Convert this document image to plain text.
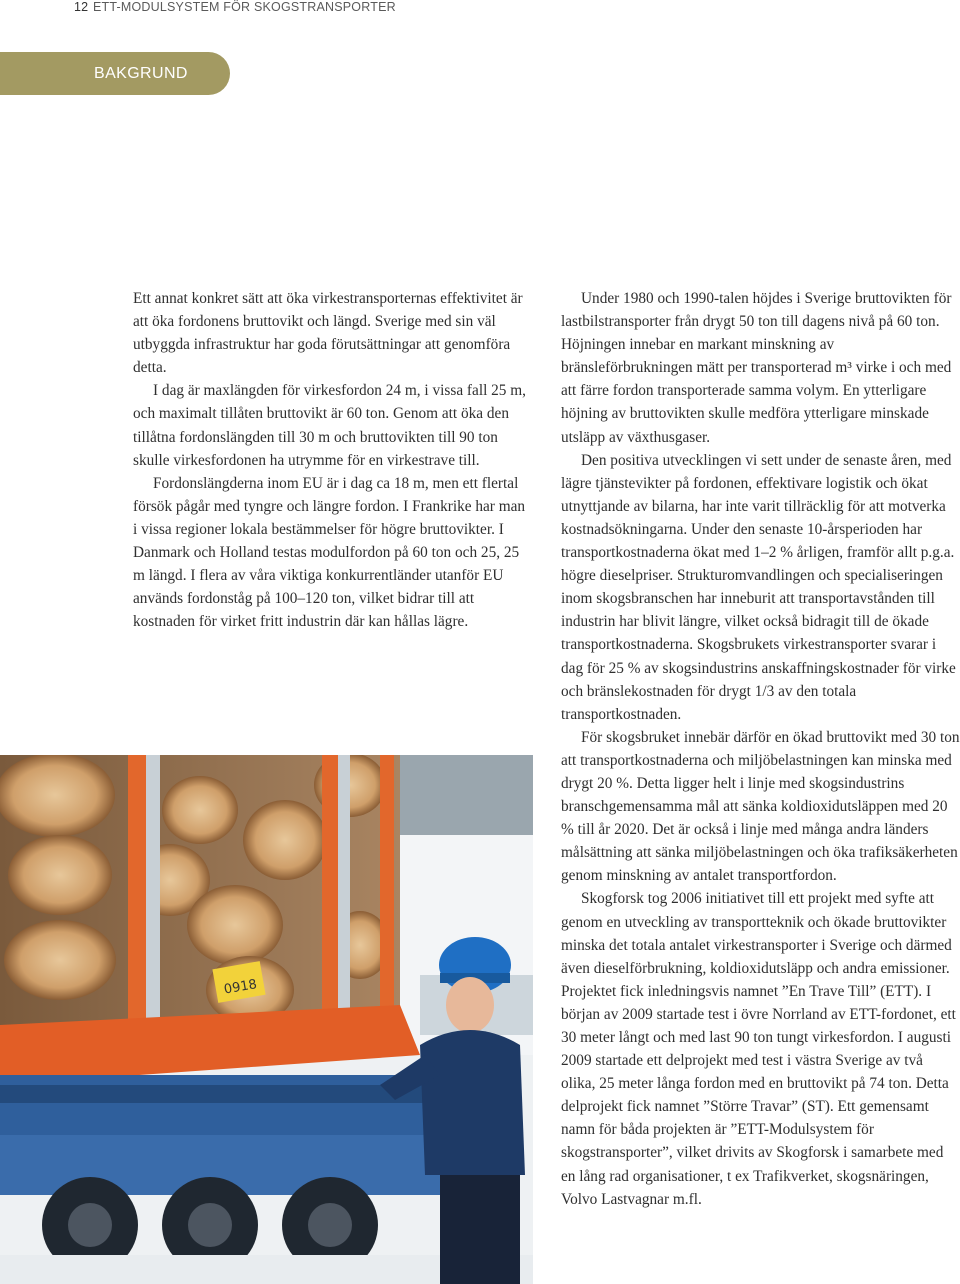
12 ETT-MODULSYSTEM FÖR SKOGSTRANSPORTER
BAKGRUND

Ett annat konkret sätt att öka virkestransporternas effektivitet är att öka fordonens bruttovikt och längd. Sverige med sin väl utbyggda infrastruktur har goda förutsättningar att genomföra detta.

I dag är maxlängden för virkesfordon 24 m, i vissa fall 25 m, och maximalt tillåten bruttovikt är 60 ton. Genom att öka den tillåtna fordonslängden till 30 m och bruttovikten till 90 ton skulle virkesfordonen ha utrymme för en virkestrave till.

Fordonslängderna inom EU är i dag ca 18 m, men ett flertal försök pågår med tyngre och längre fordon. I Frankrike har man i vissa regioner lokala bestämmelser för högre bruttovikter. I Danmark och Holland testas modulfordon på 60 ton och 25, 25 m längd. I flera av våra viktiga konkurrentländer utanför EU används fordonståg på 100–120 ton, vilket bidrar till att kostnaden för virket fritt industrin där kan hållas lägre.

Under 1980 och 1990-talen höjdes i Sverige bruttovikten för lastbilstransporter från drygt 50 ton till dagens nivå på 60 ton. Höjningen innebar en markant minskning av bränsleförbrukningen mätt per transporterad m³ virke i och med att färre fordon transporterade samma volym. En ytterligare höjning av bruttovikten skulle medföra ytterligare minskade utsläpp av växthusgaser.

Den positiva utvecklingen vi sett under de senaste åren, med lägre tjänstevikter på fordonen, effektivare logistik och ökat utnyttjande av bilarna, har inte varit tillräcklig för att motverka kostnadsökningarna. Under den senaste 10-årsperioden har transportkostnaderna ökat med 1–2 % årligen, framför allt p.g.a. högre dieselpriser. Strukturomvandlingen och specialiseringen inom skogsbranschen har inneburit att transportavstånden till industrin har blivit längre, vilket också bidragit till de ökade transportkostnaderna. Skogsbrukets virkestransporter svarar i dag för 25 % av skogsindustrins anskaffningskostnader för virke och bränslekostnaden för drygt 1/3 av den totala transportkostnaden.

För skogsbruket innebär därför en ökad bruttovikt med 30 ton att transportkostnaderna och miljöbelastningen kan minska med drygt 20 %. Detta ligger helt i linje med skogsindustrins branschgemensamma mål att sänka koldioxidutsläppen med 20 % till år 2020. Det är också i linje med många andra länders målsättning att sänka miljöbelastningen och öka trafiksäkerheten genom minskning av antalet transportfordon.

Skogforsk tog 2006 initiativet till ett projekt med syfte att genom en utveckling av transportteknik och ökade bruttovikter minska det totala antalet virkestransporter i Sverige och därmed även dieselförbrukning, koldioxidutsläpp och andra emissioner. Projektet fick inledningsvis namnet ”En Trave Till” (ETT). I början av 2009 startade test i övre Norrland av ETT-fordonet, ett 30 meter långt och med last 90 ton tungt virkesfordon. I augusti 2009 startade ett delprojekt med test i västra Sverige av två olika, 25 meter långa fordon med en bruttovikt på 74 ton. Detta delprojekt fick namnet ”Större Travar” (ST). Ett gemensamt namn för båda projekten är ”ETT-Modulsystem för skogstransporter”, vilket drivits av Skogforsk i samarbete med en lång rad organisationer, t ex Trafikverket, skogsnäringen, Volvo Lastvagnar m.fl.

0918
